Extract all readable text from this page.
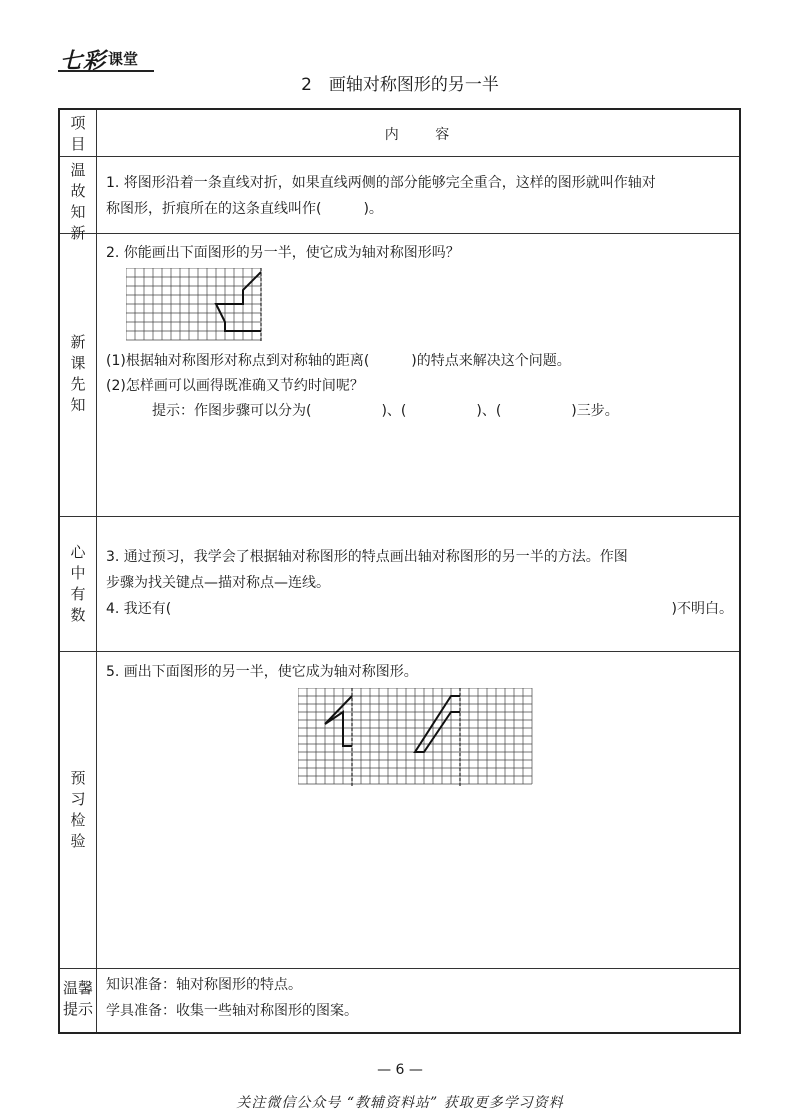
七彩 课堂
2　画轴对称图形的另一半
项
目	内 容
温
故
知
新
1. 将图形沿着一条直线对折，如果直线两侧的部分能够完全重合，这样的图形就叫作轴对
称图形，折痕所在的这条直线叫作(　　　)。
新
课
先
知
2. 你能画出下面图形的另一半，使它成为轴对称图形吗？
(1)根据轴对称图形对称点到对称轴的距离(　　　)的特点来解决这个问题。
(2)怎样画可以画得既准确又节约时间呢？
提示：作图步骤可以分为(　　　　　)、(　　　　　)、(　　　　　)三步。
心
中
有
数
3. 通过预习，我学会了根据轴对称图形的特点画出轴对称图形的另一半的方法。作图
步骤为找关键点—描对称点—连线。
4. 我还有(	)不明白。
预
习
检
验
5. 画出下面图形的另一半，使它成为轴对称图形。
温馨
提示
知识准备：轴对称图形的特点。
学具准备：收集一些轴对称图形的图案。
— 6 —
关注微信公众号 “教辅资料站” 获取更多学习资料
